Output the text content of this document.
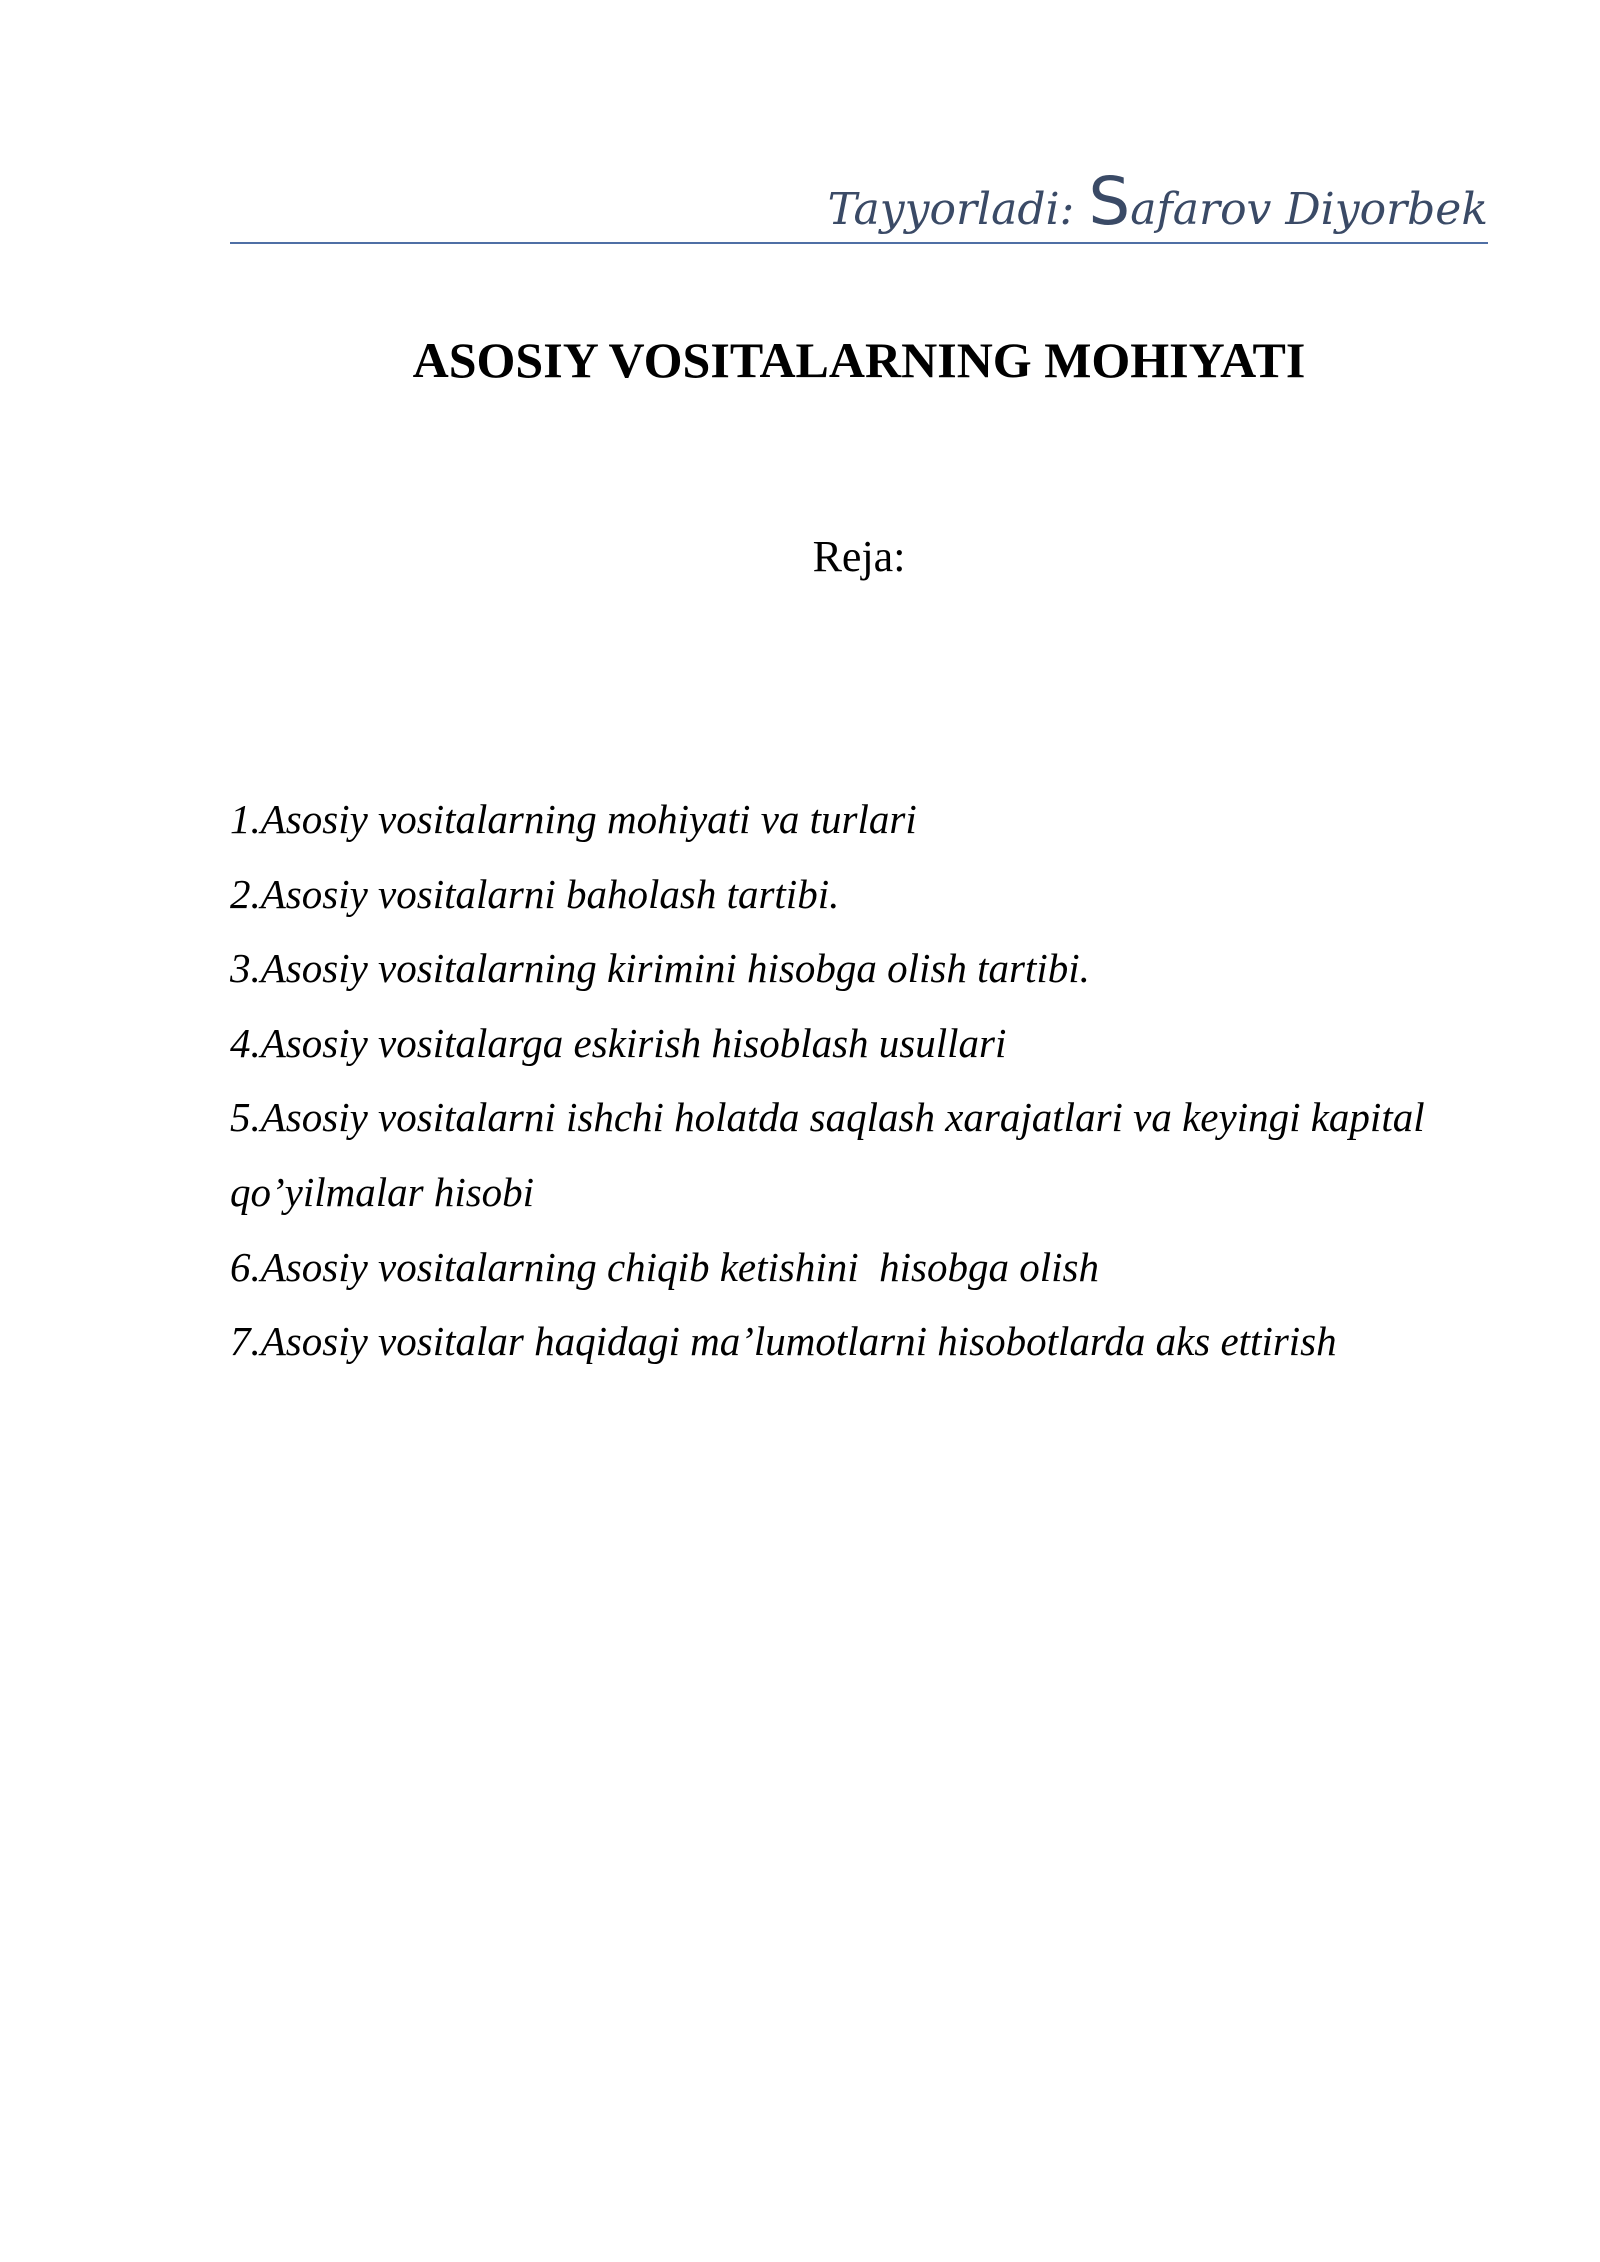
Tayyorladi: Safarov Diyorbek
ASOSIY VOSITALARNING MOHIYATI
Reja:
1.Asosiy vositalarning mohiyati va turlari
2.Asosiy vositalarni baholash tartibi.
3.Asosiy vositalarning kirimini hisobga olish tartibi.
4.Asosiy vositalarga eskirish hisoblash usullari
5.Asosiy vositalarni ishchi holatda saqlash xarajatlari va keyingi kapital qo’yilmalar hisobi
6.Asosiy vositalarning chiqib ketishini  hisobga olish
7.Asosiy vositalar haqidagi ma’lumotlarni hisobotlarda aks ettirish
